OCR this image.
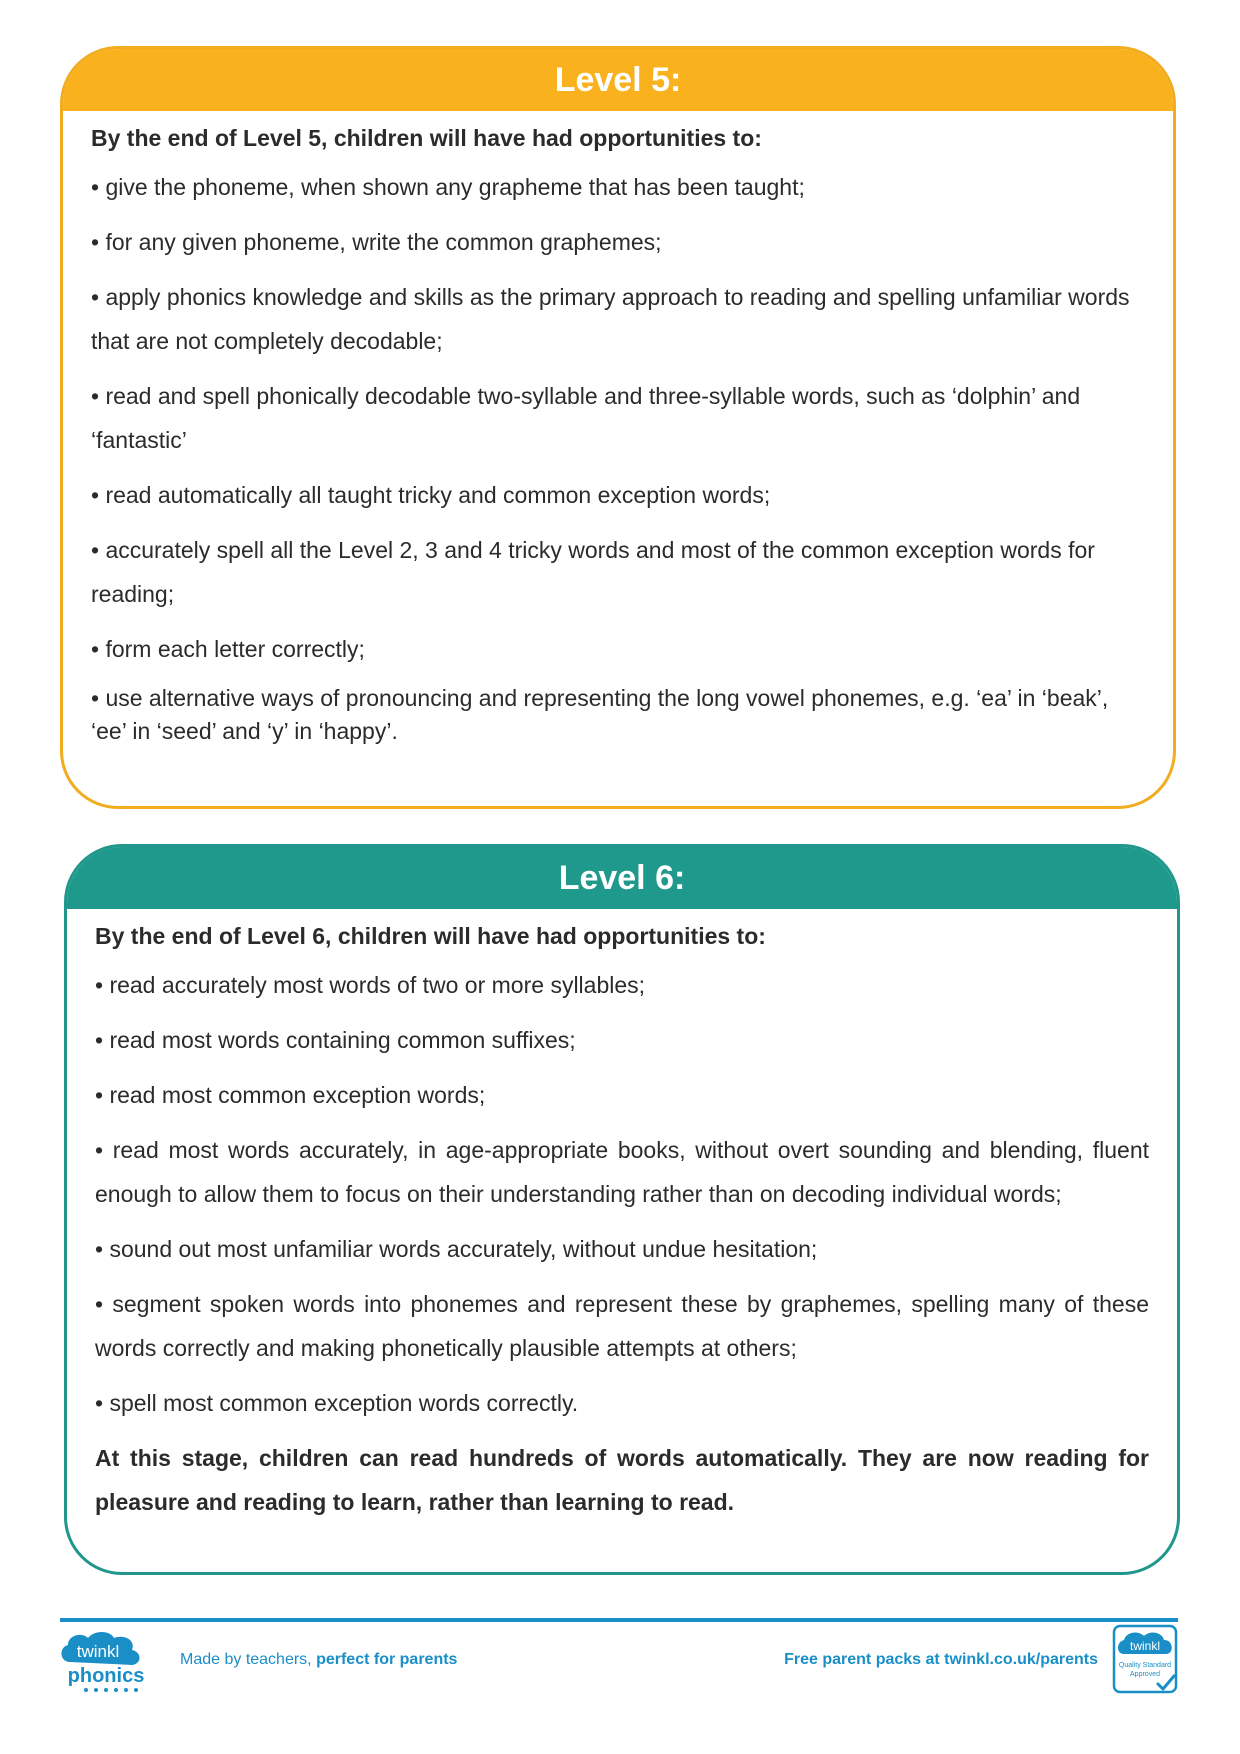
Level 5:

By the end of Level 5, children will have had opportunities to:

• give the phoneme, when shown any grapheme that has been taught;

• for any given phoneme, write the common graphemes;

• apply phonics knowledge and skills as the primary approach to reading and spelling unfamiliar words that are not completely decodable;

• read and spell phonically decodable two-syllable and three-syllable words, such as ‘dolphin’ and ‘fantastic’

• read automatically all taught tricky and common exception words;

• accurately spell all the Level 2, 3 and 4 tricky words and most of the common exception words for reading;

• form each letter correctly;

• use alternative ways of pronouncing and representing the long vowel phonemes, e.g. ‘ea’ in ‘beak’, ‘ee’ in ‘seed’ and ‘y’ in ‘happy’.

Level 6:

By the end of Level 6, children will have had opportunities to:

• read accurately most words of two or more syllables;

• read most words containing common suffixes;

• read most common exception words;

• read most words accurately, in age-appropriate books, without overt sounding and blending, fluent enough to allow them to focus on their understanding rather than on decoding individual words;

• sound out most unfamiliar words accurately, without undue hesitation;

• segment spoken words into phonemes and represent these by graphemes, spelling many of these words correctly and making phonetically plausible attempts at others;

• spell most common exception words correctly.

At this stage, children can read hundreds of words automatically. They are now reading for pleasure and reading to learn, rather than learning to read.

twinkl
phonics
Made by teachers, perfect for parents	Free parent packs at twinkl.co.uk/parents
twinkl
Quality Standard
Approved
